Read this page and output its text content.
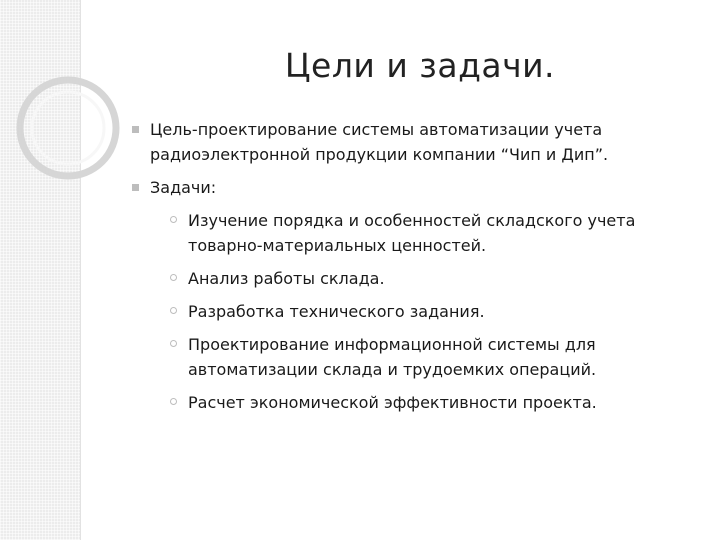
Цели и задачи.
Цель-проектирование системы автоматизации учета радиоэлектронной продукции компании “Чип и Дип”.
Задачи:
Изучение порядка и особенностей складского учета товарно-материальных ценностей.
Анализ работы склада.
Разработка технического задания.
Проектирование информационной системы для автоматизации склада и трудоемких операций.
Расчет экономической эффективности проекта.
